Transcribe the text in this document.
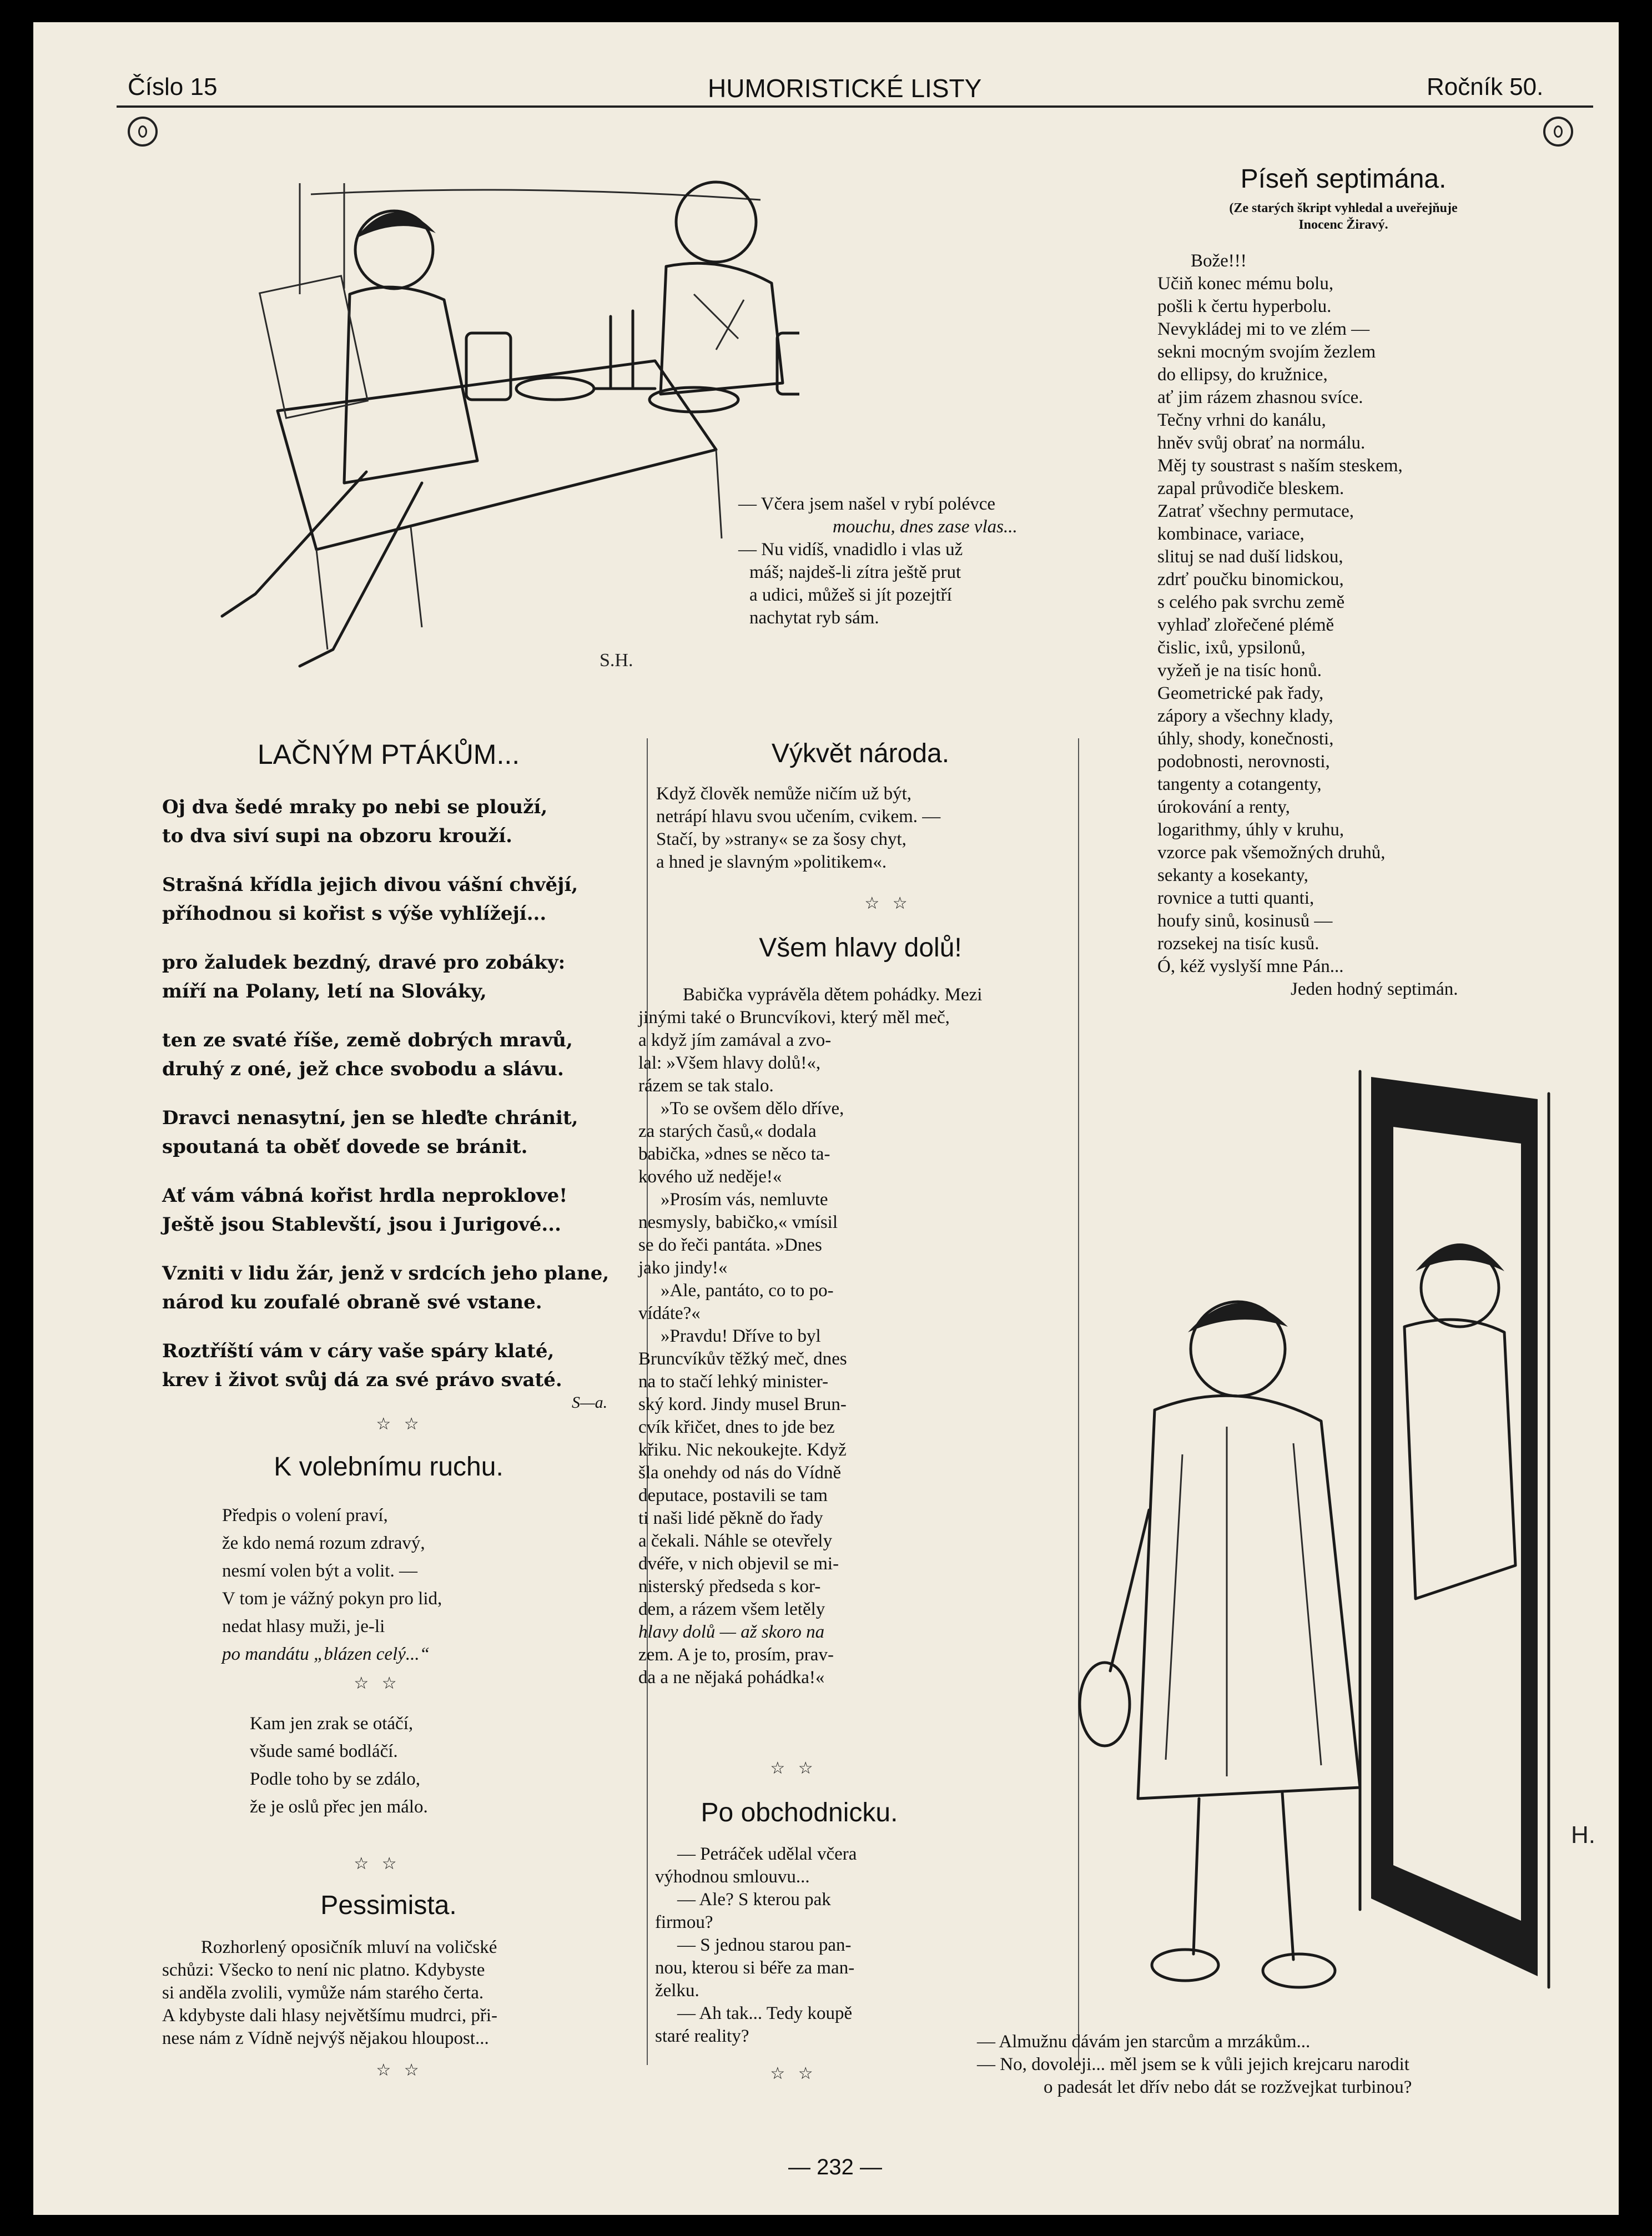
Číslo 15	HUMORISTICKÉ LISTY	Ročník 50.
S.H.
— Včera jsem našel v rybí polévce
mouchu, dnes zase vlas...
— Nu vidíš, vnadidlo i vlas už
máš; najdeš-li zítra ještě prut
a udici, můžeš si jít pozejtří
nachytat ryb sám.
LAČNÝM PTÁKŮM...
Oj dva šedé mraky po nebi se plouží,
to dva siví supi na obzoru krouží.
Strašná křídla jejich divou vášní chvějí,
příhodnou si kořist s výše vyhlížejí...
pro žaludek bezdný, dravé pro zobáky:
míří na Polany, letí na Slováky,
ten ze svaté říše, země dobrých mravů,
druhý z oné, jež chce svobodu a slávu.
Dravci nenasytní, jen se hleďte chránit,
spoutaná ta oběť dovede se bránit.
Ať vám vábná kořist hrdla neproklove!
Ještě jsou Stablevští, jsou i Jurigové...
Vzniti v lidu žár, jenž v srdcích jeho plane,
národ ku zoufalé obraně své vstane.
Roztříští vám v cáry vaše spáry klaté,
krev i život svůj dá za své právo svaté.
S—a.
☆ ☆
K volebnímu ruchu.
Předpis o volení praví,
že kdo nemá rozum zdravý,
nesmí volen být a volit. —
V tom je vážný pokyn pro lid,
nedat hlasy muži, je-li
po mandátu „blázen celý...“
☆ ☆
Kam jen zrak se otáčí,
všude samé bodláčí.
Podle toho by se zdálo,
že je oslů přec jen málo.
☆ ☆
Pessimista.
Rozhorlený oposičník mluví na voličské
schůzi: Všecko to není nic platno. Kdybyste
si anděla zvolili, vymůže nám starého čerta.
A kdybyste dali hlasy největšímu mudrci, při-
nese nám z Vídně nejvýš nějakou hloupost...
☆ ☆
Výkvět národa.
Když člověk nemůže ničím už být,
netrápí hlavu svou učením, cvikem. —
Stačí, by »strany« se za šosy chyt,
a hned je slavným »politikem«.
☆ ☆
Všem hlavy dolů!
Babička vyprávěla dětem pohádky. Mezi
jinými také o Bruncvíkovi, který měl meč,
a když jím zamával a zvo-
lal: »Všem hlavy dolů!«,
rázem se tak stalo.
»To se ovšem dělo dříve,
za starých časů,« dodala
babička, »dnes se něco ta-
kového už neděje!«
»Prosím vás, nemluvte
nesmysly, babičko,« vmísil
se do řeči pantáta. »Dnes
jako jindy!«
»Ale, pantáto, co to po-
vídáte?«
»Pravdu! Dříve to byl
Bruncvíkův těžký meč, dnes
na to stačí lehký minister-
ský kord. Jindy musel Brun-
cvík křičet, dnes to jde bez
křiku. Nic nekoukejte. Když
šla onehdy od nás do Vídně
deputace, postavili se tam
ti naši lidé pěkně do řady
a čekali. Náhle se otevřely
dvéře, v nich objevil se mi-
nisterský předseda s kor-
dem, a rázem všem letěly
hlavy dolů — až skoro na
zem. A je to, prosím, prav-
da a ne nějaká pohádka!«
☆ ☆
Po obchodnicku.
— Petráček udělal včera
výhodnou smlouvu...
— Ale? S kterou pak
firmou?
— S jednou starou pan-
nou, kterou si béře za man-
želku.
— Ah tak... Tedy koupě
staré reality?
☆ ☆
Píseň septimána.
(Ze starých škript vyhledal a uveřejňuje
Inocenc Žiravý.
Bože!!!
Učiň konec mému bolu,
pošli k čertu hyperbolu.
Nevykládej mi to ve zlém —
sekni mocným svojím žezlem
do ellipsy, do kružnice,
ať jim rázem zhasnou svíce.
Tečny vrhni do kanálu,
hněv svůj obrať na normálu.
Měj ty soustrast s naším steskem,
zapal průvodiče bleskem.
Zatrať všechny permutace,
kombinace, variace,
slituj se nad duší lidskou,
zdrť poučku binomickou,
s celého pak svrchu země
vyhlaď zlořečené plémě
čislic, ixů, ypsilonů,
vyžeň je na tisíc honů.
Geometrické pak řady,
zápory a všechny klady,
úhly, shody, konečnosti,
podobnosti, nerovnosti,
tangenty a cotangenty,
úrokování a renty,
logarithmy, úhly v kruhu,
vzorce pak všemožných druhů,
sekanty a kosekanty,
rovnice a tutti quanti,
houfy sinů, kosinusů —
rozsekej na tisíc kusů.
Ó, kéž vyslyší mne Pán...
Jeden hodný septimán.
H.
— Almužnu dávám jen starcům a mrzákům...
— No, dovoleji... měl jsem se k vůli jejich krejcaru narodit
o padesát let dřív nebo dát se rozžvejkat turbinou?
— 232 —
